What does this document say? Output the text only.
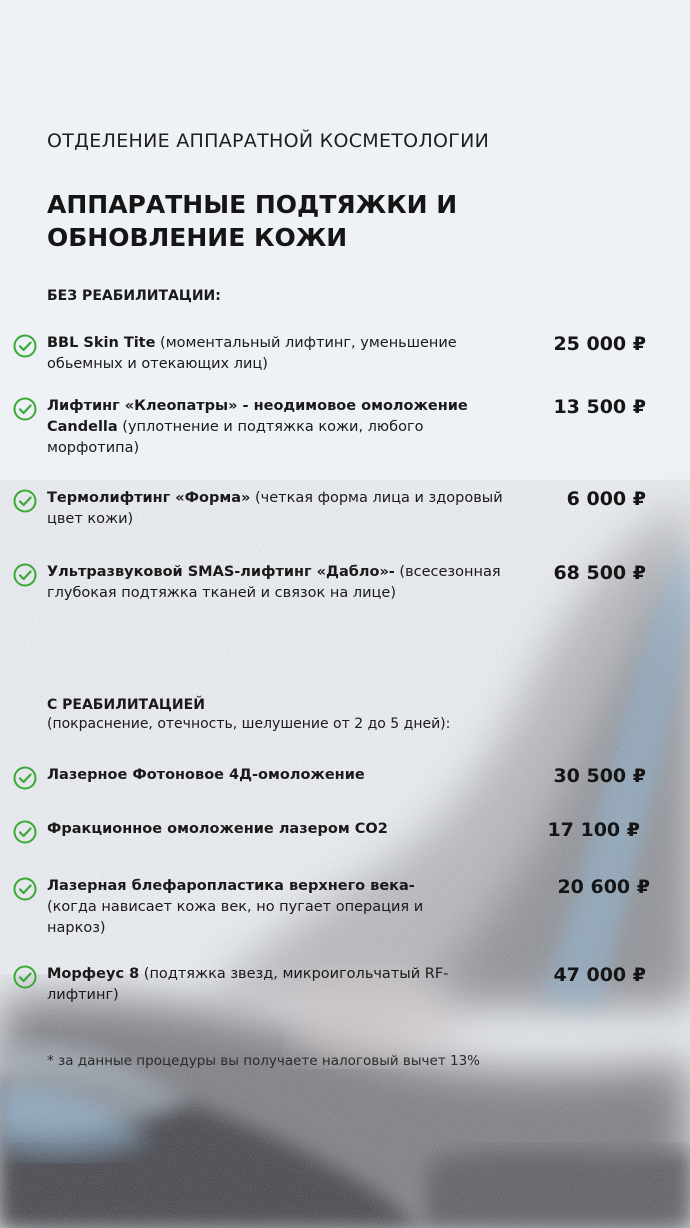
ОТДЕЛЕНИЕ АППАРАТНОЙ КОСМЕТОЛОГИИ
АППАРАТНЫЕ ПОДТЯЖКИ И ОБНОВЛЕНИЕ КОЖИ
БЕЗ РЕАБИЛИТАЦИИ:
BBL Skin Tite (моментальный лифтинг, уменьшение обьемных и отекающих лиц)
25 000 ₽
Лифтинг «Клеопатры» - неодимовое омоложение Candella (уплотнение и подтяжка кожи, любого морфотипа)
13 500 ₽
Термолифтинг «Форма» (четкая форма лица и здоровый цвет кожи)
6 000 ₽
Ультразвуковой SMAS-лифтинг «Дабло»- (всесезонная глубокая подтяжка тканей и связок на лице)
68 500 ₽
С РЕАБИЛИТАЦИЕЙ
(покраснение, отечность, шелушение от 2 до 5 дней):
Лазерное Фотоновое 4Д-омоложение	30 500 ₽
Фракционное омоложение лазером СО2	17 100 ₽
Лазерная блефаропластика верхнего века- (когда нависает кожа век, но пугает операция и наркоз)
20 600 ₽
Морфеус 8 (подтяжка звезд, микроигольчатый RF-лифтинг)
47 000 ₽
* за данные процедуры вы получаете налоговый вычет 13%
